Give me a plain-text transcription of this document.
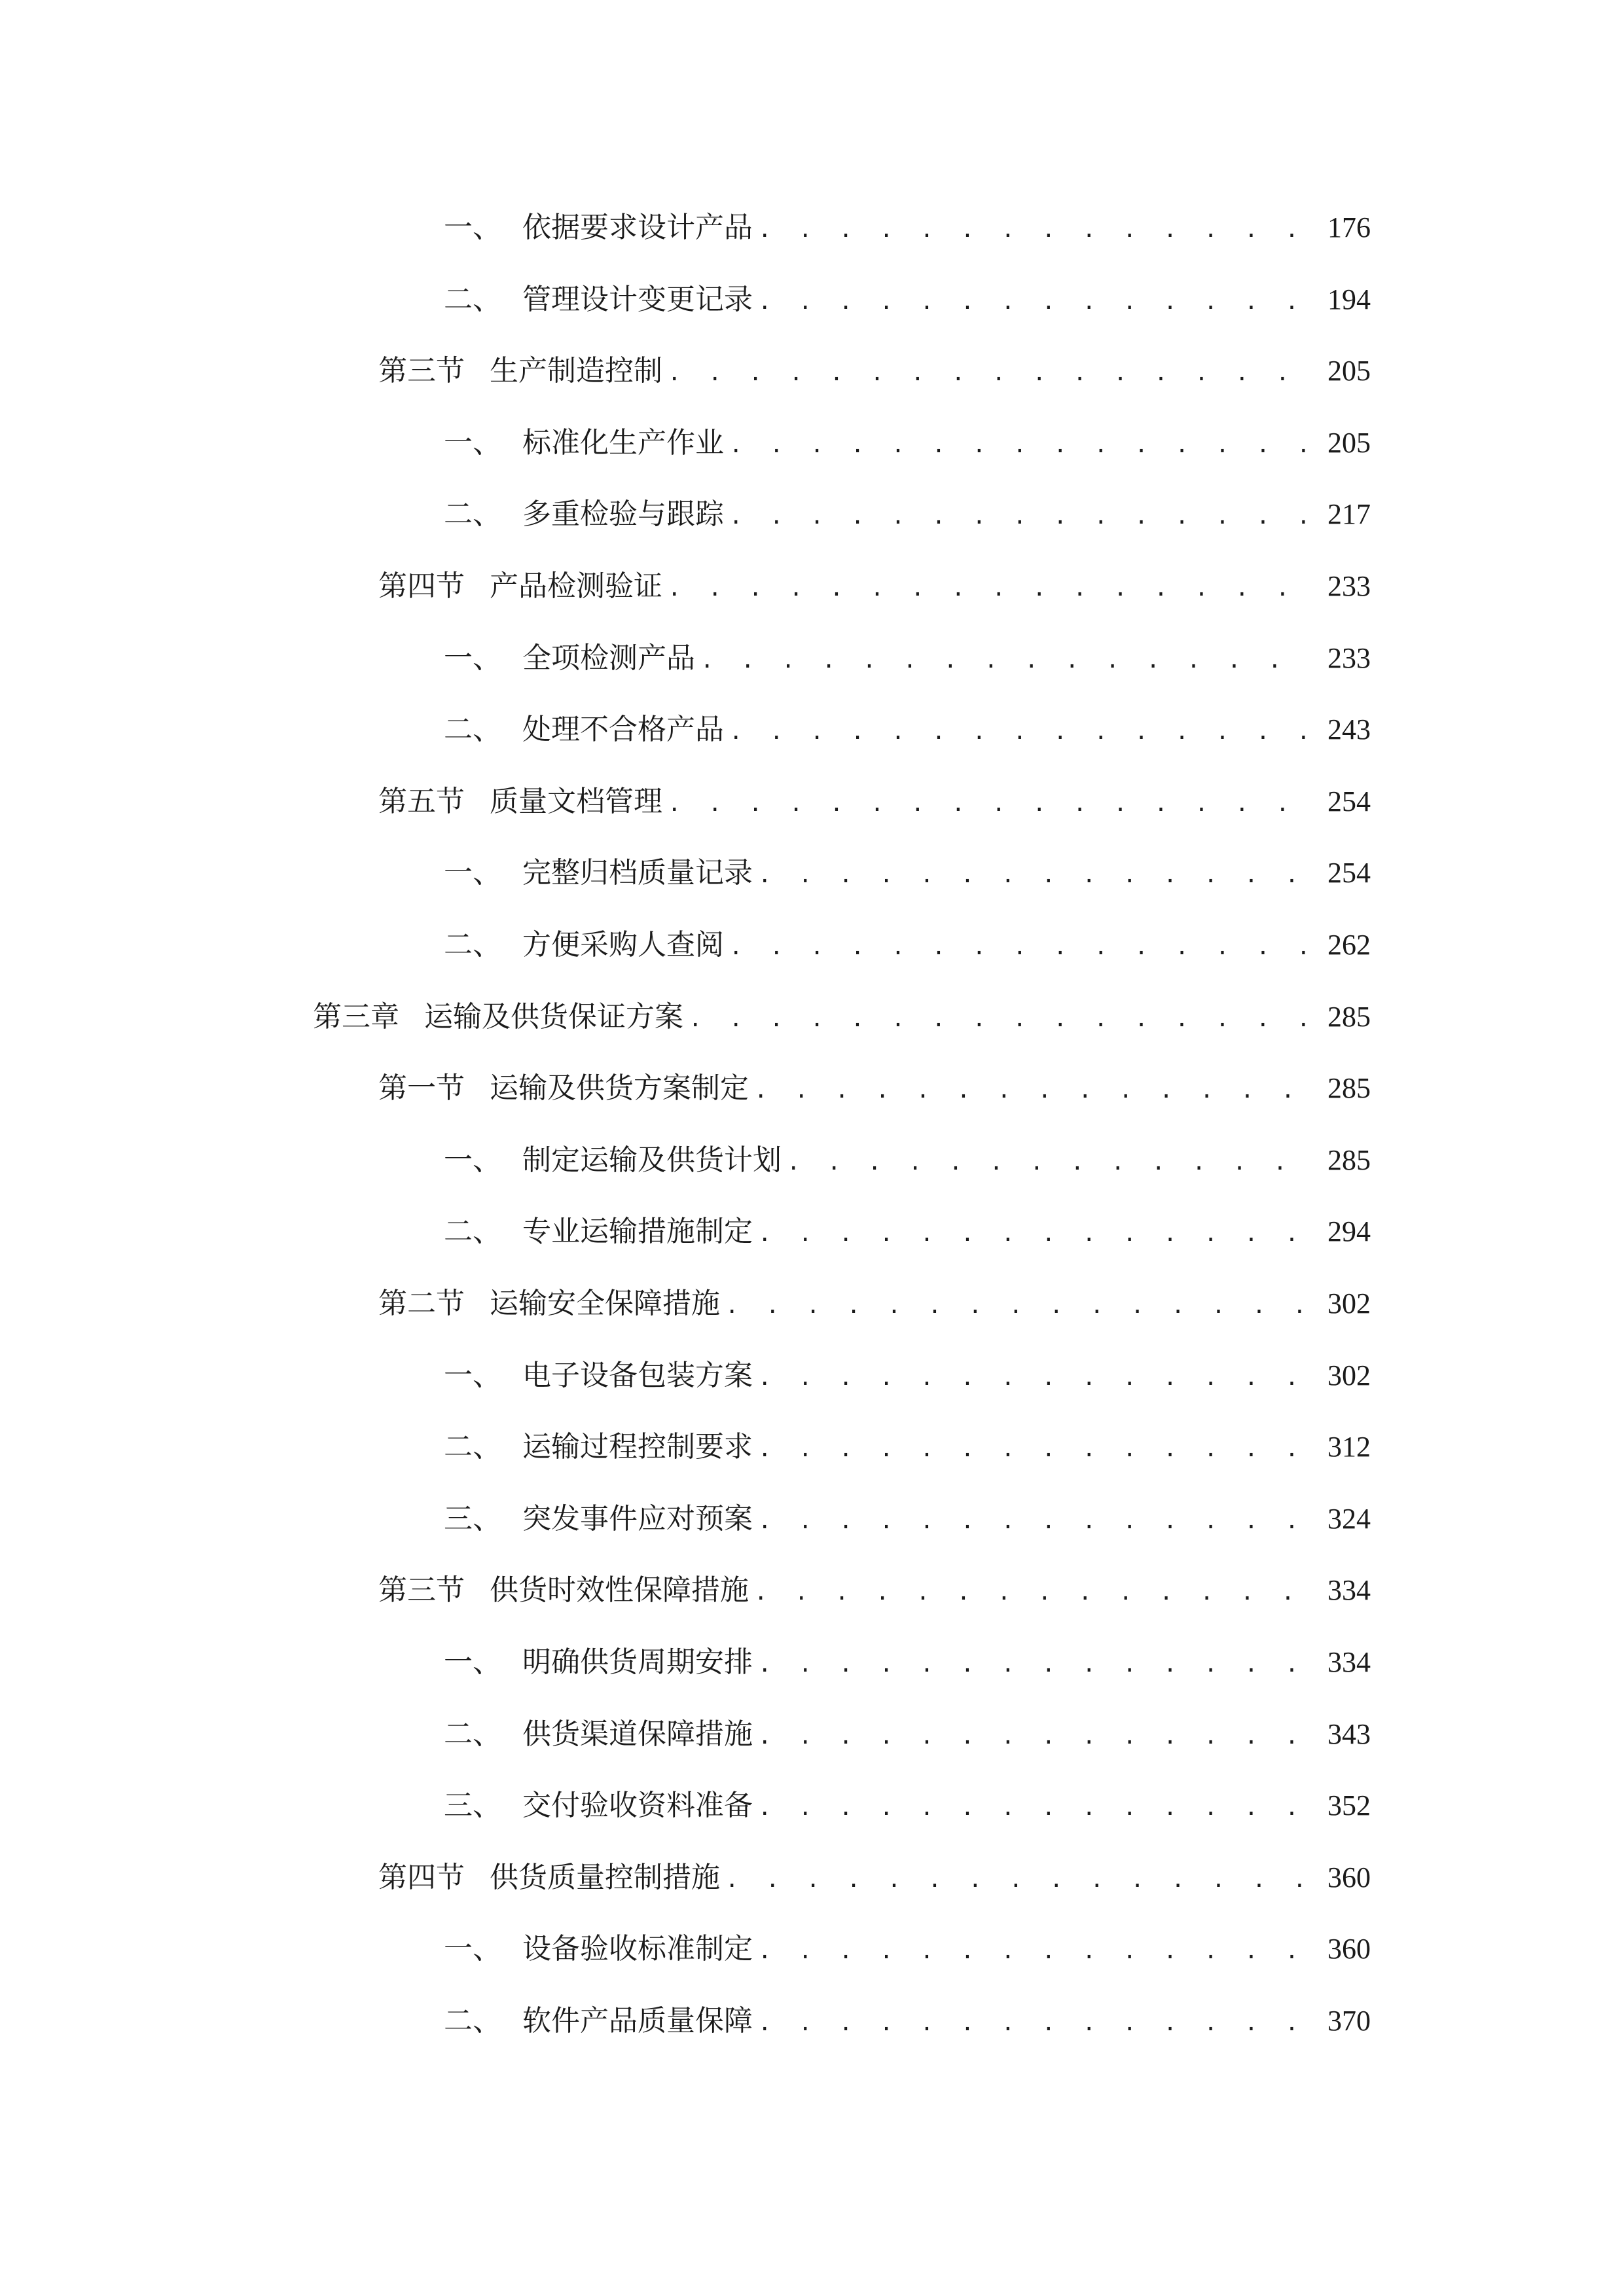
一、 依据要求设计产品 . . .	176
二、 管理设计变更记录 . . .	194
第三节 生产制造控制 . . .	205
一、 标准化生产作业 . . .	205
二、 多重检验与跟踪 . . .	217
第四节 产品检测验证 . . .	233
一、 全项检测产品 . . .	233
二、 处理不合格产品 . . .	243
第五节 质量文档管理 . . .	254
一、 完整归档质量记录 . . .	254
二、 方便采购人查阅 . . .	262
第三章 运输及供货保证方案 . . .	285
第一节 运输及供货方案制定 . . .	285
一、 制定运输及供货计划 . . .	285
二、 专业运输措施制定 . . .	294
第二节 运输安全保障措施 . . .	302
一、 电子设备包装方案 . . .	302
二、 运输过程控制要求 . . .	312
三、 突发事件应对预案 . . .	324
第三节 供货时效性保障措施 . . .	334
一、 明确供货周期安排 . . .	334
二、 供货渠道保障措施 . . .	343
三、 交付验收资料准备 . . .	352
第四节 供货质量控制措施 . . .	360
一、 设备验收标准制定 . . .	360
二、 软件产品质量保障 . . .	370
